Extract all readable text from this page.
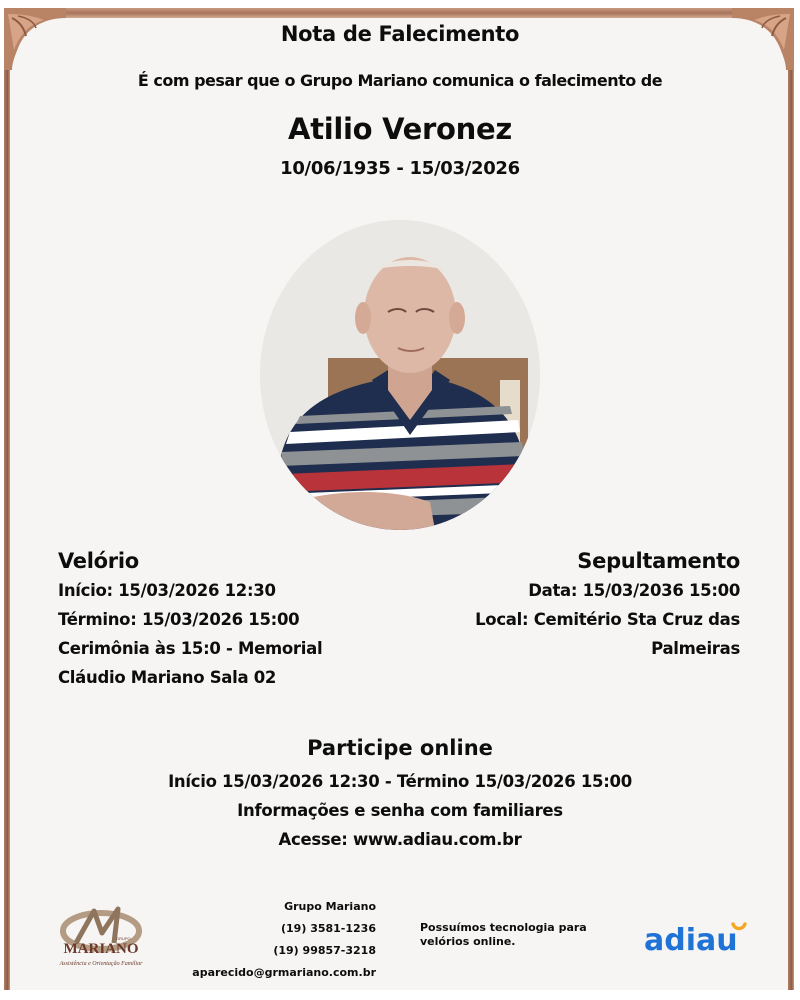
Nota de Falecimento
É com pesar que o Grupo Mariano comunica o falecimento de
Atilio Veronez
10/06/1935 - 15/03/2026
Velório
Início: 15/03/2026 12:30
Término: 15/03/2026 15:00
Cerimônia às 15:0 - Memorial
Cláudio Mariano Sala 02
Sepultamento
Data: 15/03/2036 15:00
Local: Cemitério Sta Cruz das
Palmeiras
Participe online
Início 15/03/2026 12:30 - Término 15/03/2026 15:00
Informações e senha com familiares
Acesse: www.adiau.com.br
GRUPO
MARIANO
Assistência e Orientação Familiar
Grupo Mariano
(19) 3581-1236
(19) 99857-3218
aparecido@grmariano.com.br
Possuímos tecnologia para
velórios online.	adiau
